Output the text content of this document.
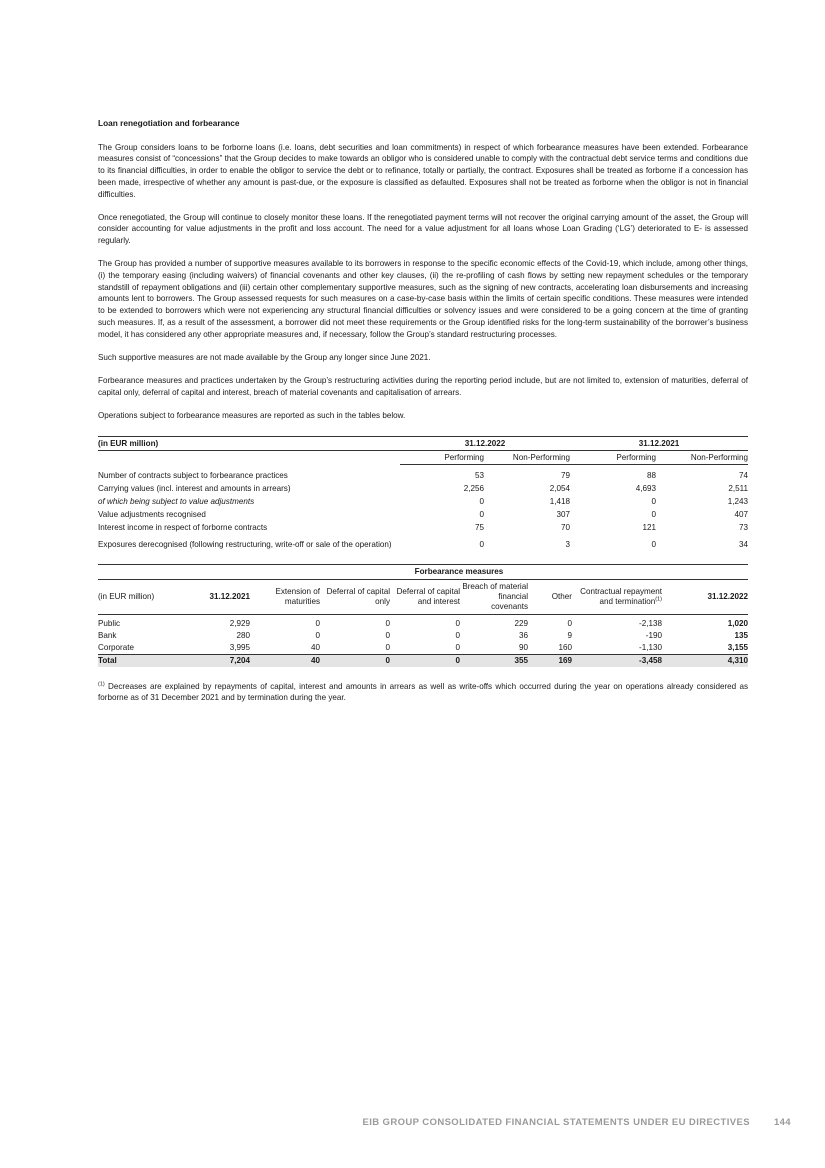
Loan renegotiation and forbearance

The Group considers loans to be forborne loans (i.e. loans, debt securities and loan commitments) in respect of which forbearance measures have been extended. Forbearance measures consist of “concessions” that the Group decides to make towards an obligor who is considered unable to comply with the contractual debt service terms and conditions due to its financial difficulties, in order to enable the obligor to service the debt or to refinance, totally or partially, the contract. Exposures shall be treated as forborne if a concession has been made, irrespective of whether any amount is past-due, or the exposure is classified as defaulted. Exposures shall not be treated as forborne when the obligor is not in financial difficulties.

Once renegotiated, the Group will continue to closely monitor these loans. If the renegotiated payment terms will not recover the original carrying amount of the asset, the Group will consider accounting for value adjustments in the profit and loss account. The need for a value adjustment for all loans whose Loan Grading (‘LG’) deteriorated to E- is assessed regularly.

The Group has provided a number of supportive measures available to its borrowers in response to the specific economic effects of the Covid-19, which include, among other things, (i) the temporary easing (including waivers) of financial covenants and other key clauses, (ii) the re-profiling of cash flows by setting new repayment schedules or the temporary standstill of repayment obligations and (iii) certain other complementary supportive measures, such as the signing of new contracts, accelerating loan disbursements and increasing amounts lent to borrowers. The Group assessed requests for such measures on a case-by-case basis within the limits of certain specific conditions. These measures were intended to be extended to borrowers which were not experiencing any structural financial difficulties or solvency issues and were considered to be a going concern at the time of granting such measures. If, as a result of the assessment, a borrower did not meet these requirements or the Group identified risks for the long-term sustainability of the borrower’s business model, it has considered any other appropriate measures and, if necessary, follow the Group’s standard restructuring processes.

Such supportive measures are not made available by the Group any longer since June 2021.

Forbearance measures and practices undertaken by the Group’s restructuring activities during the reporting period include, but are not limited to, extension of maturities, deferral of capital only, deferral of capital and interest, breach of material covenants and capitalisation of arrears.

Operations subject to forbearance measures are reported as such in the tables below.

(in EUR million)	31.12.2022		31.12.2021	
	Performing	Non-Performing	Performing	Non-Performing
Number of contracts subject to forbearance practices	53	79	88	74
Carrying values (incl. interest and amounts in arrears)	2,256	2,054	4,693	2,511
of which being subject to value adjustments	0	1,418	0	1,243
Value adjustments recognised	0	307	0	407
Interest income in respect of forborne contracts	75	70	121	73
Exposures derecognised (following restructuring, write-off or sale of the operation)	0	3	0	34
		Forbearance measures						
(in EUR million)	31.12.2021	Extension of maturities	Deferral of capital only	Deferral of capital and interest	Breach of material financial covenants	Other	Contractual repayment and termination$^{(1)}$	31.12.2022
Public	2,929	0	0	0	229	0	-2,138	1,020
Bank	280	0	0	0	36	9	-190	135
Corporate	3,995	40	0	0	90	160	-1,130	3,155
Total	7,204	40	0	0	355	169	-3,458	4,310
$^{(1)}$ Decreases are explained by repayments of capital, interest and amounts in arrears as well as write-offs which occurred during the year on operations already considered as forborne as of 31 December 2021 and by termination during the year.
EIB GROUP CONSOLIDATED FINANCIAL STATEMENTS UNDER EU DIRECTIVES	144
